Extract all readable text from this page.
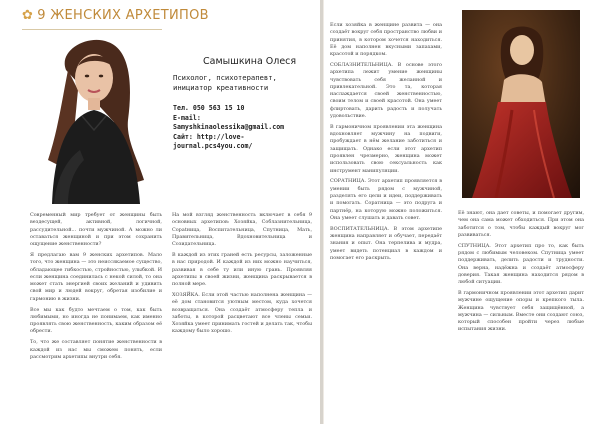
✿ 9 ЖЕНСКИХ АРХЕТИПОВ
Самышкина Олеся
Психолог, психотерапевт,
инициатор креативности
Тел. 050 563 15 10
E-mail:
Samyshkinaolessika@gmail.com
Сайт: http://love-
journal.pcs4you.com/

Современный мир требует от женщины быть вездесущей, активной, логичной, рассудительной... почти мужчиной. А можно ли оставаться женщиной и при этом сохранить ощущение женственности?

Я предлагаю вам 9 женских архетипов. Мало того, что женщина — это неиссякаемое существо, обладающее гибкостью, стройностью, улыбкой. И если женщина соединилась с некой силой, то она может стать энергией своих желаний и удивить свой мир и людей вокруг, обретая изобилие и гармонию в жизни.

Все мы как будто мечтаем о том, как быть любимыми, но иногда не понимаем, как именно проявлять свою женственность, каким образом её обрести.

То, что же составляет понятие женственности в каждой из нас мы сможем понять, если рассмотрим архетипы внутри себя.

На мой взгляд женственность включает в себя 9 основных архетипов: Хозяйка, Соблазнительница, Сорatница, Воспитательница, Спутница, Мать, Правительница, Вдохновительница и Созидательница.

В каждой из этих граней есть ресурсы, заложенные в нас природой. И каждой из них можно научиться, развивая в себе ту или иную грань. Проявляя архетипы в своей жизни, женщина раскрывается в полной мере.

ХОЗЯЙКА. Если этой частью наполнена женщина — её дом становится уютным местом, куда хочется возвращаться. Она создаёт атмосферу тепла и заботы, в которой расцветают все члены семьи. Хозяйка умеет принимать гостей и делать так, чтобы каждому было хорошо.

Если хозяйка в женщине развита — она создаёт вокруг себя пространство любви и принятия, в котором хочется находиться. Её дом наполнен вкусными запахами, красотой и порядком.

СОБЛАЗНИТЕЛЬНИЦА. В основе этого архетипа лежит умение женщины чувствовать себя желанной и привлекательной. Это та, которая наслаждается своей женственностью, своим телом и своей красотой. Она умеет флиртовать, дарить радость и получать удовольствие.

В гармоничном проявлении эта женщина вдохновляет мужчину на подвиги, пробуждает в нём желание заботиться и защищать. Однако если этот архетип проявлен чрезмерно, женщина может использовать свою сексуальность как инструмент манипуляции.

СОРАТНИЦА. Этот архетип проявляется в умении быть рядом с мужчиной, разделять его цели и идеи, поддерживать и помогать. Соратница — это подруга и партнёр, на которую можно положиться. Она умеет слушать и давать совет.

ВОСПИТАТЕЛЬНИЦА. В этом архетипе женщина направляет и обучает, передаёт знания и опыт. Она терпелива и мудра, умеет видеть потенциал в каждом и помогает его раскрыть.

Её знают, она дает советы, и помогает другим, чем она сама может обходиться. При этом она заботится о том, чтобы каждый вокруг мог развиваться.

СПУТНИЦА. Этот архетип про то, как быть рядом с любимым человеком. Спутница умеет поддерживать, делить радости и трудности. Она верна, надёжна и создаёт атмосферу доверия. Такая женщина находится рядом в любой ситуации.

В гармоничном проявлении этот архетип дарит мужчине ощущение опоры и крепкого тыла. Женщина чувствует себя защищённой, а мужчина — сильным. Вместе они создают союз, который способен пройти через любые испытания жизни.
